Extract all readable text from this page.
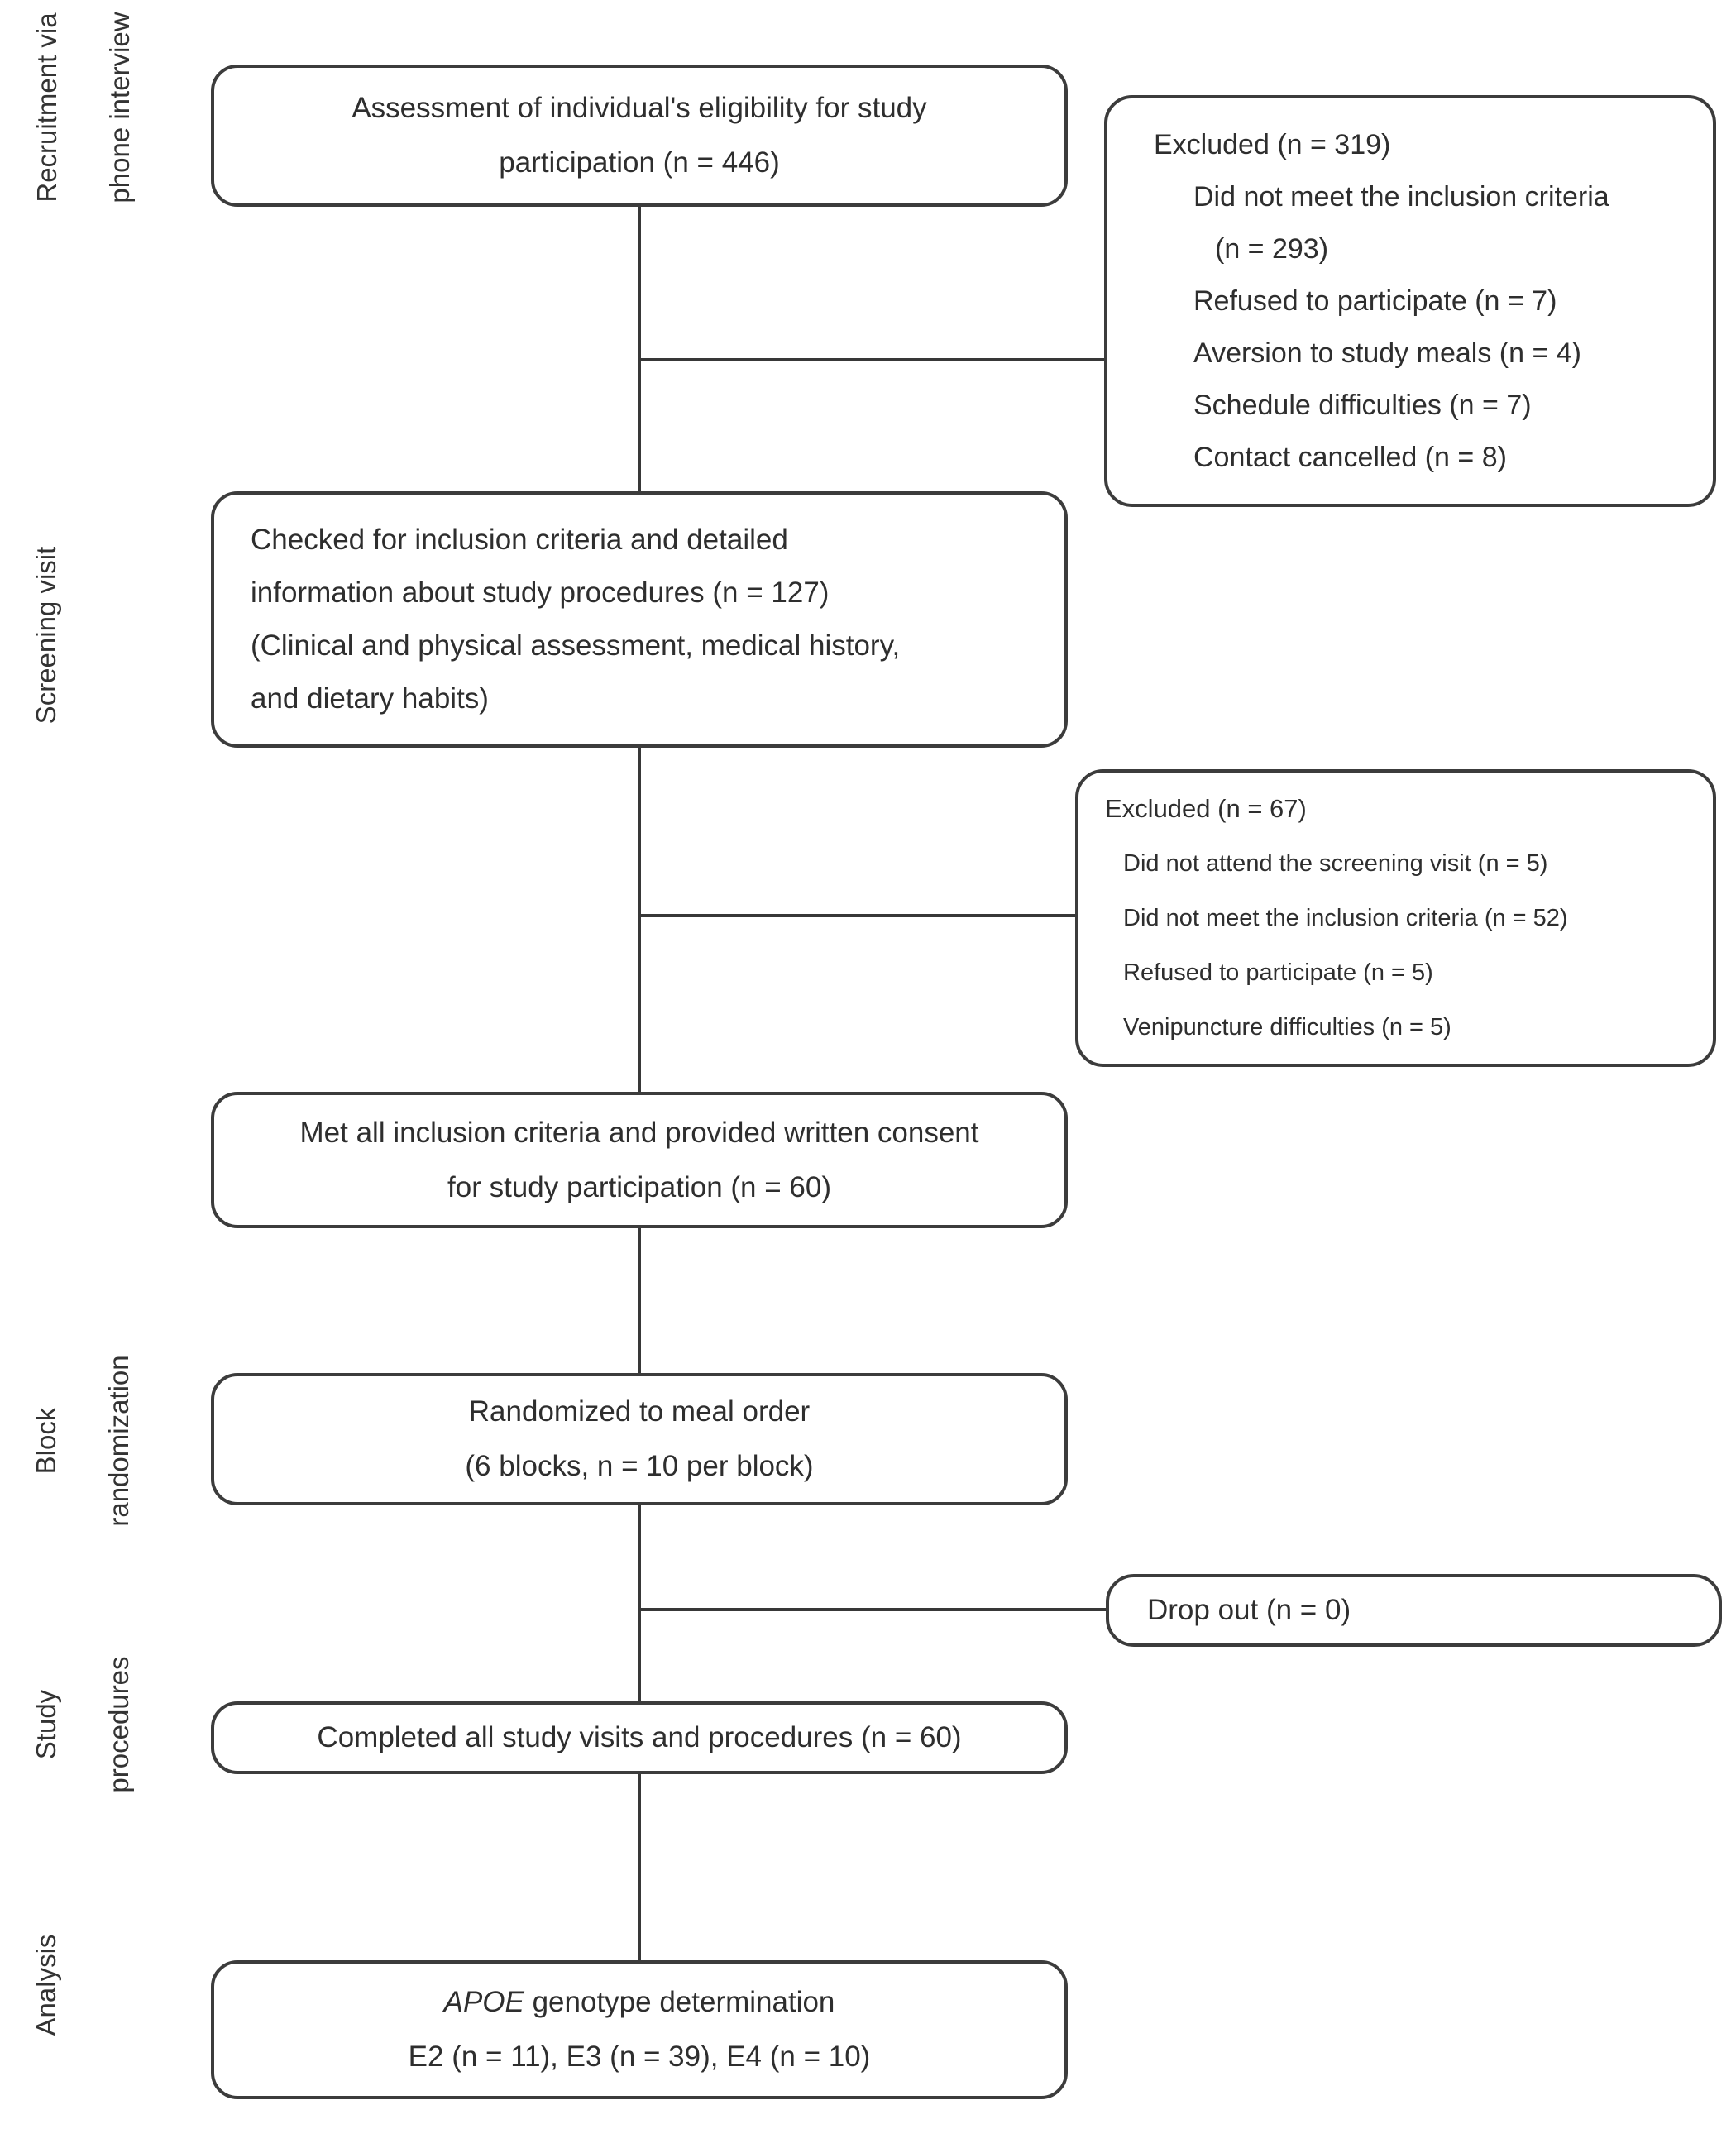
Recruitment via	phone interview
Screening visit
Block	randomization
Study	procedures
Analysis
Assessment of individual's eligibility for study
participation (n = 446)
Checked for inclusion criteria and detailed
information about study procedures (n = 127)
(Clinical and physical assessment, medical history,
and dietary habits)
Met all inclusion criteria and provided written consent
for study participation (n = 60)
Randomized to meal order
(6 blocks, n = 10 per block)
Completed all study visits and procedures (n = 60)
APOE genotype determination
E2 (n = 11), E3 (n = 39), E4 (n = 10)
Excluded (n = 319)
Did not meet the inclusion criteria
(n = 293)
Refused to participate (n = 7)
Aversion to study meals (n = 4)
Schedule difficulties (n = 7)
Contact cancelled (n = 8)
Excluded (n = 67)
Did not attend the screening visit (n = 5)
Did not meet the inclusion criteria (n = 52)
Refused to participate (n = 5)
Venipuncture difficulties (n = 5)
Drop out (n = 0)
